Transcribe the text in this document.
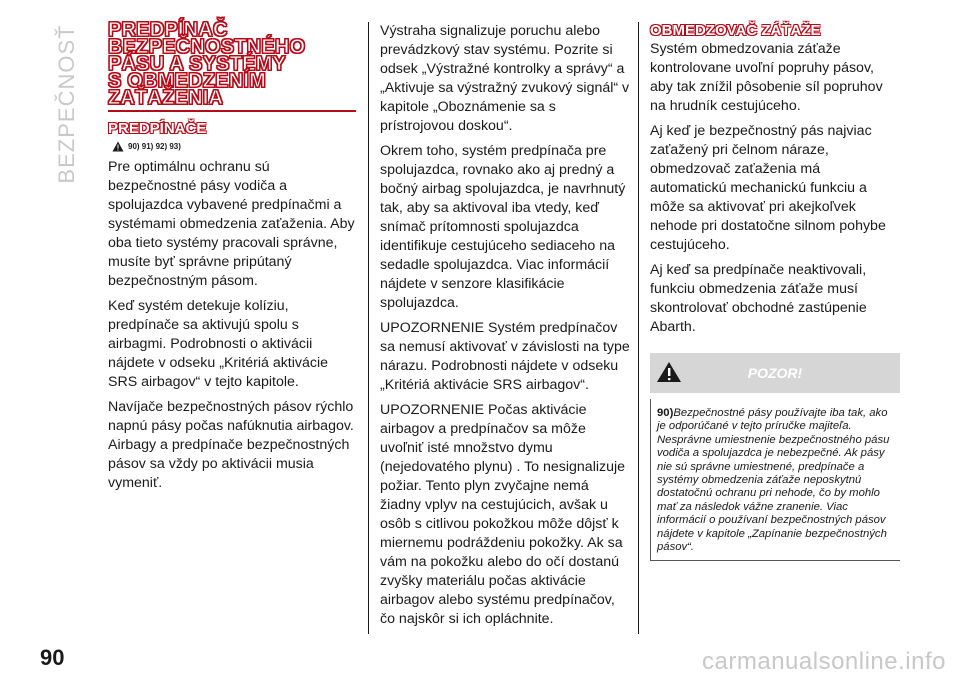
BEZPEČNOSŤ PREDPÍNAČ
BEZPEČNOSTNÉHO
PÁSU A SYSTÉMY
S OBMEDZENÍM
ZAŤAŽENIA
PREDPÍNAČE
90) 91) 92) 93)

Pre optimálnu ochranu sú bezpečnostné pásy vodiča a spolujazdca vybavené predpínačmi a systémami obmedzenia zaťaženia. Aby oba tieto systémy pracovali správne, musíte byť správne pripútaný bezpečnostným pásom.

Keď systém detekuje kolíziu, predpínače sa aktivujú spolu s airbagmi. Podrobnosti o aktivácii nájdete v odseku „Kritériá aktivácie SRS airbagov“ v tejto kapitole.

Navíjače bezpečnostných pásov rýchlo napnú pásy počas nafúknutia airbagov. Airbagy a predpínače bezpečnostných pásov sa vždy po aktivácii musia vymeniť.

Výstraha signalizuje poruchu alebo prevádzkový stav systému. Pozrite si odsek „Výstražné kontrolky a správy“ a „Aktivuje sa výstražný zvukový signál“ v kapitole „Oboznámenie sa s prístrojovou doskou“.

Okrem toho, systém predpínača pre spolujazdca, rovnako ako aj predný a bočný airbag spolujazdca, je navrhnutý tak, aby sa aktivoval iba vtedy, keď snímač prítomnosti spolujazdca identifikuje cestujúceho sediaceho na sedadle spolujazdca. Viac informácií nájdete v senzore klasifikácie spolujazdca.

UPOZORNENIE Systém predpínačov sa nemusí aktivovať v závislosti na type nárazu. Podrobnosti nájdete v odseku „Kritériá aktivácie SRS airbagov“.

UPOZORNENIE Počas aktivácie airbagov a predpínačov sa môže uvoľniť isté množstvo dymu (nejedovatého plynu) . To nesignalizuje požiar. Tento plyn zvyčajne nemá žiadny vplyv na cestujúcich, avšak u osôb s citlivou pokožkou môže dôjsť k miernemu podráždeniu pokožky. Ak sa vám na pokožku alebo do očí dostanú zvyšky materiálu počas aktivácie airbagov alebo systému predpínačov, čo najskôr si ich opláchnite.

OBMEDZOVAČ ZÁŤAŽE

Systém obmedzovania záťaže kontrolovane uvoľní popruhy pásov, aby tak znížil pôsobenie síl popruhov na hrudník cestujúceho.

Aj keď je bezpečnostný pás najviac zaťažený pri čelnom náraze, obmedzovač zaťaženia má automatickú mechanickú funkciu a môže sa aktivovať pri akejkoľvek nehode pri dostatočne silnom pohybe cestujúceho.

Aj keď sa predpínače neaktivovali, funkciu obmedzenia záťaže musí skontrolovať obchodné zastúpenie Abarth.

POZOR!
90)Bezpečnostné pásy používajte iba tak, ako je odporúčané v tejto príručke majiteľa. Nesprávne umiestnenie bezpečnostného pásu vodiča a spolujazdca je nebezpečné. Ak pásy nie sú správne umiestnené, predpínače a systémy obmedzenia záťaže neposkytnú dostatočnú ochranu pri nehode, čo by mohlo mať za následok vážne zranenie. Viac informácií o používaní bezpečnostných pásov nájdete v kapitole „Zapínanie bezpečnostných pásov“.
90	carmanualsonline.info
